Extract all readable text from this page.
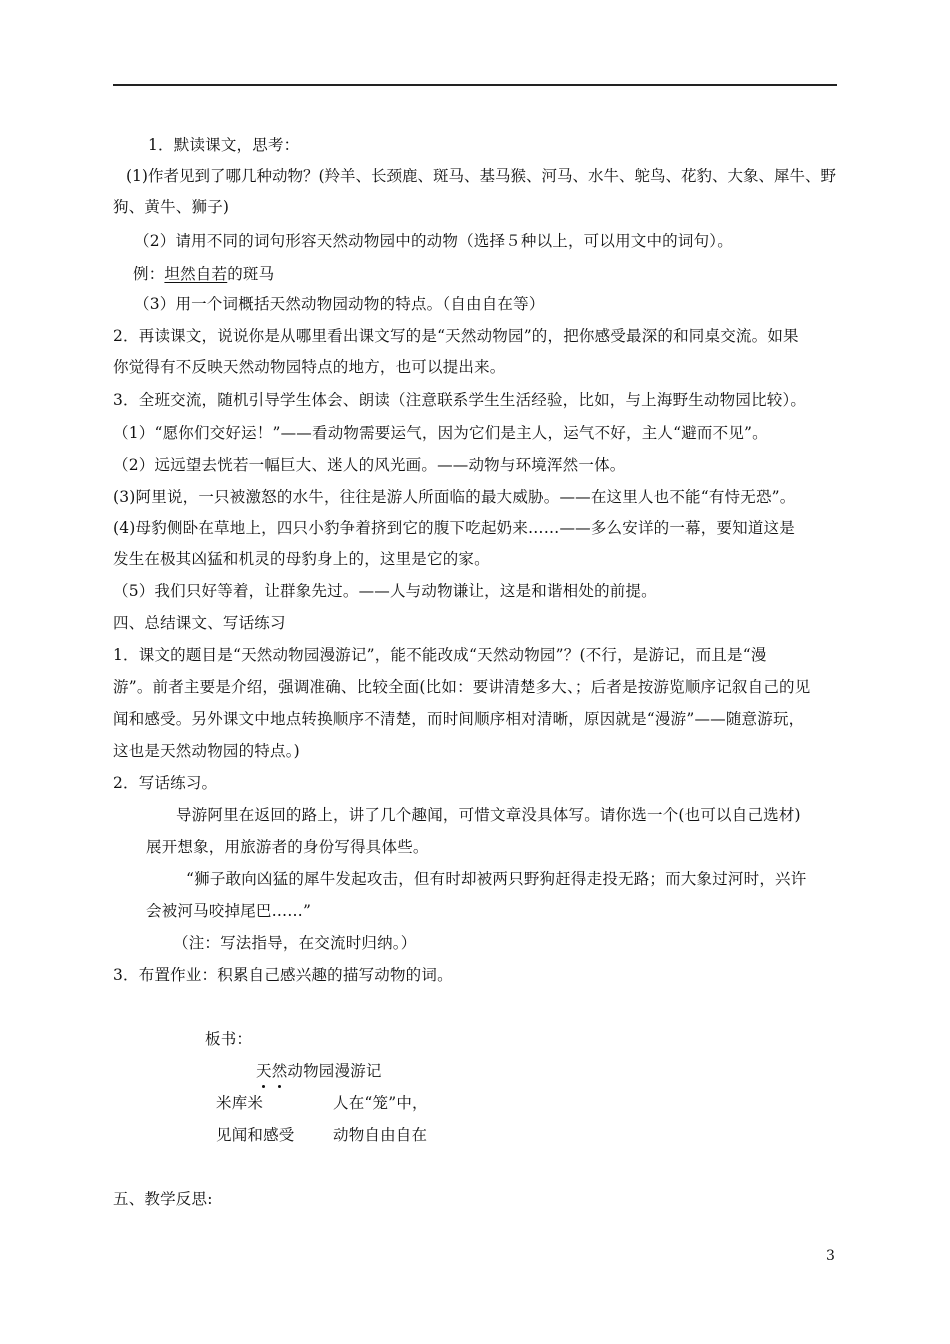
1．默读课文，思考：
(1)作者见到了哪几种动物？(羚羊、长颈鹿、斑马、基马猴、河马、水牛、鸵鸟、花豹、大象、犀牛、野
狗、黄牛、狮子)
（2）请用不同的词句形容天然动物园中的动物（选择５种以上，可以用文中的词句）。
例：坦然自若的斑马
（3）用一个词概括天然动物园动物的特点。（自由自在等）
2．再读课文，说说你是从哪里看出课文写的是“天然动物园”的，把你感受最深的和同桌交流。如果
你觉得有不反映天然动物园特点的地方，也可以提出来。
3．全班交流，随机引导学生体会、朗读（注意联系学生生活经验，比如，与上海野生动物园比较）。
（1）“愿你们交好运！”——看动物需要运气，因为它们是主人，运气不好，主人“避而不见”。
（2）远远望去恍若一幅巨大、迷人的风光画。——动物与环境浑然一体。
(3)阿里说，一只被激怒的水牛，往往是游人所面临的最大威胁。——在这里人也不能“有恃无恐”。
(4)母豹侧卧在草地上，四只小豹争着挤到它的腹下吃起奶来……——多么安详的一幕，要知道这是
发生在极其凶猛和机灵的母豹身上的，这里是它的家。
（5）我们只好等着，让群象先过。——人与动物谦让，这是和谐相处的前提。
四、总结课文、写话练习
1．课文的题目是“天然动物园漫游记”，能不能改成“天然动物园”？(不行，是游记，而且是“漫
游”。前者主要是介绍，强调准确、比较全面(比如：要讲清楚多大、；后者是按游览顺序记叙自己的见
闻和感受。另外课文中地点转换顺序不清楚，而时间顺序相对清晰，原因就是“漫游”——随意游玩，
这也是天然动物园的特点。)
2．写话练习。
导游阿里在返回的路上，讲了几个趣闻，可惜文章没具体写。请你选一个(也可以自己选材)
展开想象，用旅游者的身份写得具体些。
“狮子敢向凶猛的犀牛发起攻击，但有时却被两只野狗赶得走投无路；而大象过河时，兴许
会被河马咬掉尾巴……”
（注：写法指导，在交流时归纳。）
3．布置作业：积累自己感兴趣的描写动物的词。
板书：
天然动物园漫游记
米库米	人在“笼”中，
见闻和感受 动物自由自在
五、教学反思:
3
